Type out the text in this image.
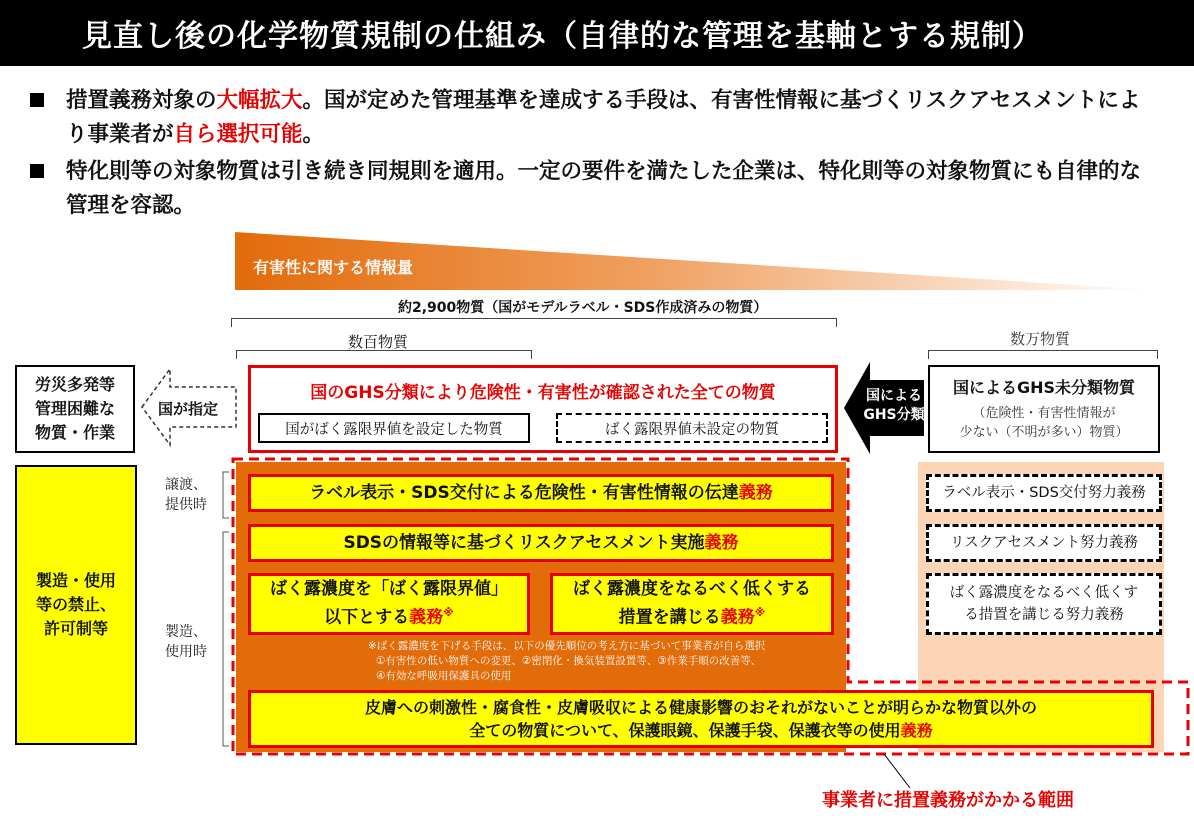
見直し後の化学物質規制の仕組み（自律的な管理を基軸とする規制）
措置義務対象の大幅拡大。国が定めた管理基準を達成する手段は、有害性情報に基づくリスクアセスメントにより事業者が自ら選択可能。
特化則等の対象物質は引き続き同規則を適用。一定の要件を満たした企業は、特化則等の対象物質にも自律的な管理を容認。
有害性に関する情報量
約2,900物質（国がモデルラベル・SDS作成済みの物質）
数百物質	数万物質
労災多発等
管理困難な
物質・作業
国が指定
国のGHS分類により危険性・有害性が確認された全ての物質
国がばく露限界値を設定した物質	ばく露限界値未設定の物質
国による
GHS分類
国によるGHS未分類物質
（危険性・有害性情報が
少ない（不明が多い）物質）
製造・使用
等の禁止、
許可制等
譲渡、
提供時
製造、
使用時
ラベル表示・SDS交付による危険性・有害性情報の伝達 義務
SDSの情報等に基づくリスクアセスメント実施 義務
ばく露濃度を「ばく露限界値」
以下とする義務※
ばく露濃度をなるべく低くする
措置を講じる義務※
※ばく露濃度を下げる手段は、以下の優先順位の考え方に基づいて事業者が自ら選択
①有害性の低い物質への変更、②密閉化・換気装置設置等、③作業手順の改善等、
④有効な呼吸用保護具の使用
皮膚への刺激性・腐食性・皮膚吸収による健康影響のおそれがないことが明らかな物質以外の
全ての物質について、保護眼鏡、保護手袋、保護衣等の使用義務
ラベル表示・SDS交付努力義務
リスクアセスメント努力義務
ばく露濃度をなるべく低くす
る措置を講じる努力義務
事業者に措置義務がかかる範囲
